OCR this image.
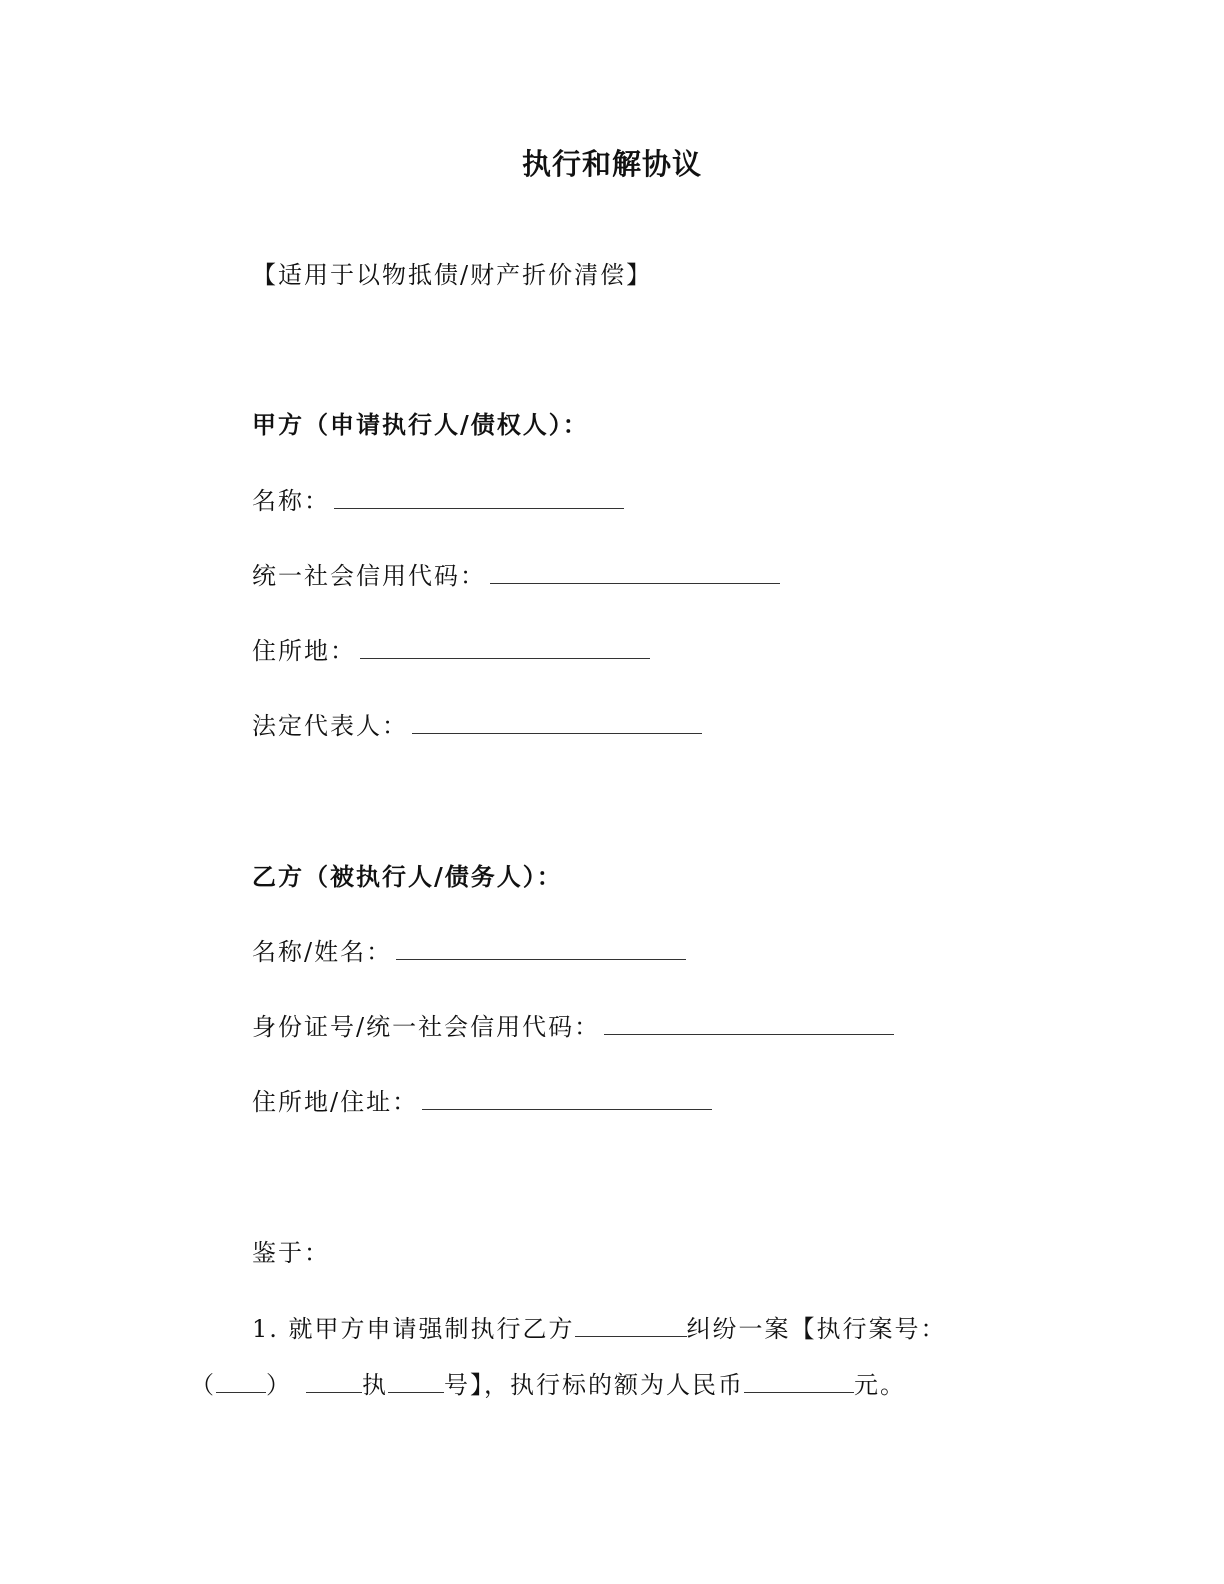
执行和解协议
【适用于以物抵债/财产折价清偿】
甲方（申请执行人/债权人）：
名称：
统一社会信用代码：
住所地：
法定代表人：
乙方（被执行人/债务人）：
名称/姓名：
身份证号/统一社会信用代码：
住所地/住址：
鉴于：
1. 就甲方申请强制执行乙方	纠纷一案【执行案号：
（ ）	执 号】，执行标的额为人民币	元。
